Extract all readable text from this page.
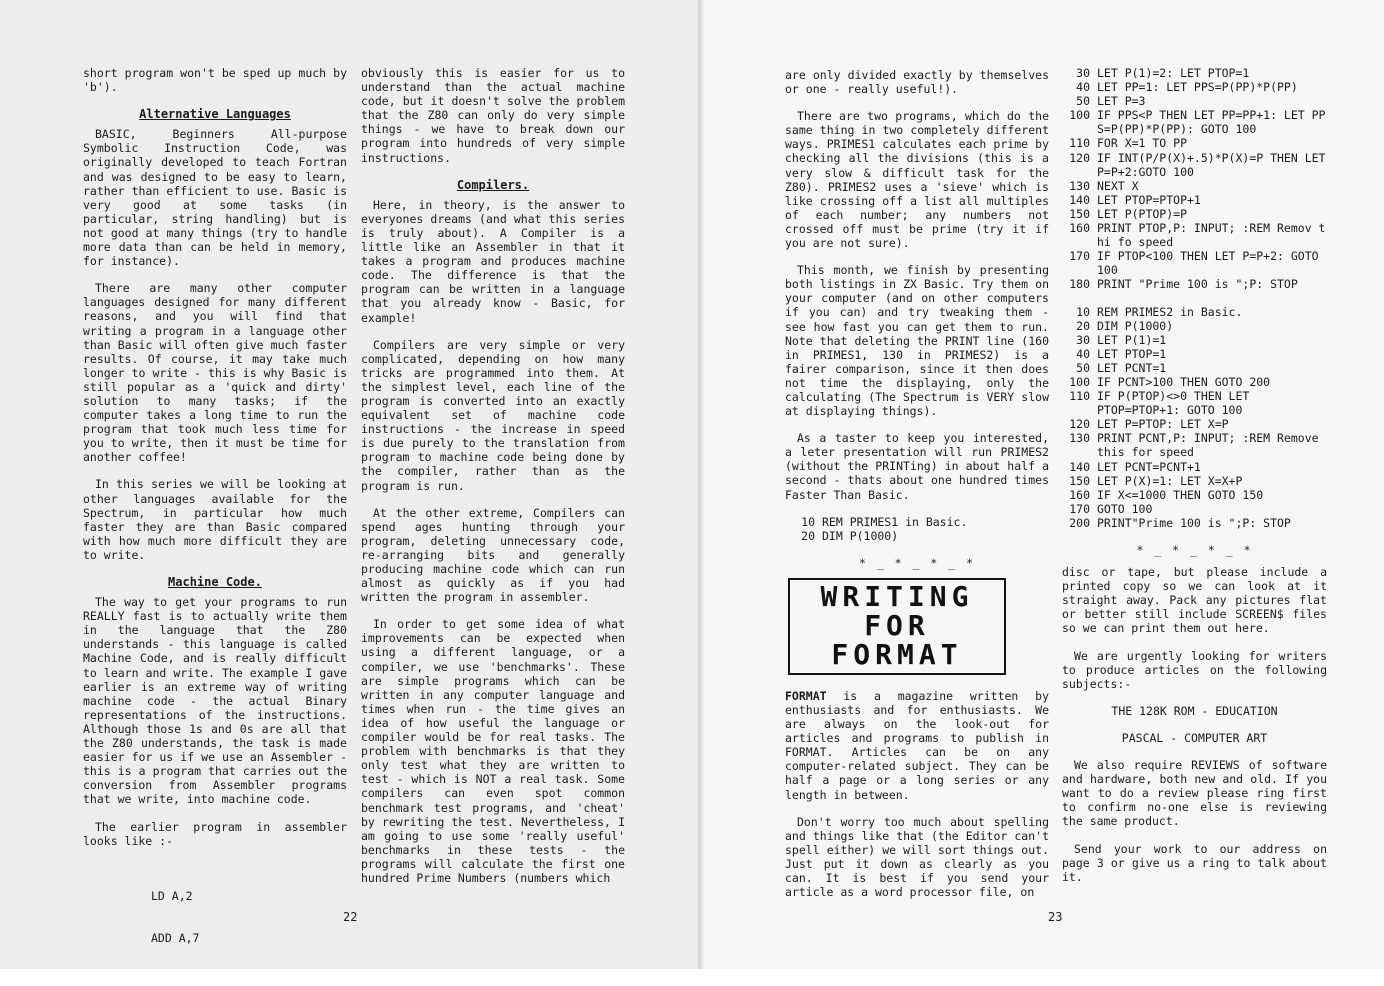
short program won't be sped up much by 'b').

Alternative Languages

BASIC, Beginners All-purpose Symbolic Instruction Code, was originally developed to teach Fortran and was designed to be easy to learn, rather than efficient to use. Basic is very good at some tasks (in particular, string handling) but is not good at many things (try to handle more data than can be held in memory, for instance).

There are many other computer languages designed for many different reasons, and you will find that writing a program in a language other than Basic will often give much faster results. Of course, it may take much longer to write - this is why Basic is still popular as a 'quick and dirty' solution to many tasks; if the computer takes a long time to run the program that took much less time for you to write, then it must be time for another coffee!

In this series we will be looking at other languages available for the Spectrum, in particular how much faster they are than Basic compared with how much more difficult they are to write.

Machine Code.

The way to get your programs to run REALLY fast is to actually write them in the language that the Z80 understands - this language is called Machine Code, and is really difficult to learn and write. The example I gave earlier is an extreme way of writing machine code - the actual Binary representations of the instructions. Although those 1s and 0s are all that the Z80 understands, the task is made easier for us if we use an Assembler - this is a program that carries out the conversion from Assembler programs that we write, into machine code.

The earlier program in assembler looks like :-

LD A,2

ADD A,7

obviously this is easier for us to understand than the actual machine code, but it doesn't solve the problem that the Z80 can only do very simple things - we have to break down our program into hundreds of very simple instructions.

Compilers.

Here, in theory, is the answer to everyones dreams (and what this series is truly about). A Compiler is a little like an Assembler in that it takes a program and produces machine code. The difference is that the program can be written in a language that you already know - Basic, for example!

Compilers are very simple or very complicated, depending on how many tricks are programmed into them. At the simplest level, each line of the program is converted into an exactly equivalent set of machine code instructions - the increase in speed is due purely to the translation from program to machine code being done by the compiler, rather than as the program is run.

At the other extreme, Compilers can spend ages hunting through your program, deleting unnecessary code, re-arranging bits and generally producing machine code which can run almost as quickly as if you had written the program in assembler.

In order to get some idea of what improvements can be expected when using a different language, or a compiler, we use 'benchmarks'. These are simple programs which can be written in any computer language and times when run - the time gives an idea of how useful the language or compiler would be for real tasks. The problem with benchmarks is that they only test what they are written to test - which is NOT a real task. Some compilers can even spot common benchmark test programs, and 'cheat' by rewriting the test. Nevertheless, I am going to use some 'really useful' benchmarks in these tests - the programs will calculate the first one hundred Prime Numbers (numbers which

22

are only divided exactly by themselves or one - really useful!).

There are two programs, which do the same thing in two completely different ways. PRIMES1 calculates each prime by checking all the divisions (this is a very slow & difficult task for the Z80). PRIMES2 uses a 'sieve' which is like crossing off a list all multiples of each number; any numbers not crossed off must be prime (try it if you are not sure).

This month, we finish by presenting both listings in ZX Basic. Try them on your computer (and on other computers if you can) and try tweaking them - see how fast you can get them to run. Note that deleting the PRINT line (160 in PRIMES1, 130 in PRIMES2) is a fairer comparison, since it then does not time the displaying, only the calculating (The Spectrum is VERY slow at displaying things).

As a taster to keep you interested, a leter presentation will run PRIMES2 (without the PRINTing) in about half a second - thats about one hundred times Faster Than Basic.

10 REM PRIMES1 in Basic.
20 DIM P(1000)
* _ * _ * _ *
WRITING FOR
FORMAT

FORMAT is a magazine written by enthusiasts and for enthusiasts. We are always on the look-out for articles and programs to publish in FORMAT. Articles can be on any computer-related subject. They can be half a page or a long series or any length in between.

Don't worry too much about spelling and things like that (the Editor can't spell either) we will sort things out. Just put it down as clearly as you can. It is best if you send your article as a word processor file, on

30 LET P(1)=2: LET PTOP=1
40 LET PP=1: LET PPS=P(PP)*P(PP)
50 LET P=3
100 IF PPS<P THEN LET PP=PP+1: LET PP S=P(PP)*P(PP): GOTO 100
110 FOR X=1 TO PP
120 IF INT(P/P(X)+.5)*P(X)=P THEN LET P=P+2:GOTO 100
130 NEXT X
140 LET PTOP=PTOP+1
150 LET P(PTOP)=P
160 PRINT PTOP,P: INPUT; :REM Remov t hi fo speed
170 IF PTOP<100 THEN LET P=P+2: GOTO 100
180 PRINT "Prime 100 is ";P: STOP
10 REM PRIMES2 in Basic.
20 DIM P(1000)
30 LET P(1)=1
40 LET PTOP=1
50 LET PCNT=1
100 IF PCNT>100 THEN GOTO 200
110 IF P(PTOP)<>0 THEN LET PTOP=PTOP+1: GOTO 100
120 LET P=PTOP: LET X=P
130 PRINT PCNT,P: INPUT; :REM Remove this for speed
140 LET PCNT=PCNT+1
150 LET P(X)=1: LET X=X+P
160 IF X<=1000 THEN GOTO 150
170 GOTO 100
200 PRINT"Prime 100 is ";P: STOP
* _ * _ * _ *

disc or tape, but please include a printed copy so we can look at it straight away. Pack any pictures flat or better still include SCREEN$ files so we can print them out here.

We are urgently looking for writers to produce articles on the following subjects:-

THE 128K ROM - EDUCATION
PASCAL - COMPUTER ART

We also require REVIEWS of software and hardware, both new and old. If you want to do a review please ring first to confirm no-one else is reviewing the same product.

Send your work to our address on page 3 or give us a ring to talk about it.

23
